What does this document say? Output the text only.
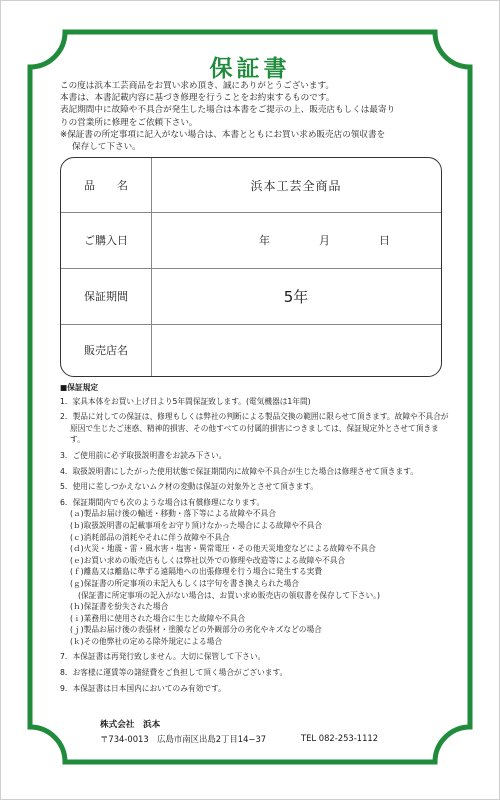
保証書

この度は浜本工芸商品をお買い求め頂き、誠にありがとうございます。

本書は、本書記載内容に基づき修理を行うことをお約束するものです。

表記期間中に故障や不具合が発生した場合は本書をご提示の上、販売店もしくは最寄り

りの営業所に修理をご依頼下さい。

※保証書の所定事項に記入がない場合は、本書とともにお買い求め販売店の領収書を

保存して下さい。

品　　名	浜本工芸全商品
ご購入日	年	月	日
保証期間	5年
販売店名

■保証規定

1．家具本体をお買い上げ日より5年間保証致します。(電気機器は1年間)

2．製品に対しての保証は、修理もしくは弊社の判断による製品交換の範囲に限らせて頂きます。故障や不具合が原因で生じたご迷惑、精神的損害、その他すべての付属的損害につきましては、保証規定外とさせて頂きます。

3．ご使用前に必ず取扱説明書をお読み下さい。

4．取扱説明書にしたがった使用状態で保証期間内に故障や不具合が生じた場合は修理させて頂きます。

5．使用に差しつかえないムク材の変動は保証の対象外とさせて頂きます。

6．保証期間内でも次のような場合は有償修理になります。

(ａ)製品お届け後の輸送・移動・落下等による故障や不具合

(ｂ)取扱説明書の記載事項をお守り頂けなかった場合による故障や不具合

(ｃ)消耗部品の消耗やそれに伴う故障や不具合

(ｄ)火災・地震・雷・風水害・塩害・異常電圧・その他天災地変などによる故障や不具合

(ｅ)お買い求めの販売店もしくは弊社以外での修理や改造等による故障や不具合

(ｆ)離島又は離島に準ずる遠隔地への出張修理を行う場合に発生する実費

(ｇ)保証書の所定事項の未記入もしくは字句を書き換えられた場合

(保証書に所定事項の記入がない場合は、お買い求め販売店の領収書を保存して下さい。)

(ｈ)保証書を紛失された場合

(ｉ)業務用に使用された場合に生じた故障や不具合

(ｊ)製品お届け後の表張材・塗膜などの外観部分の劣化やキズなどの場合

(ｋ)その他弊社の定める除外規定による場合

7．本保証書は再発行致しません。大切に保管して下さい。

8．お客様に運賃等の諸経費をご負担して頂く場合がございます。

9．本保証書は日本国内においてのみ有効です。

株式会社　浜本
〒734-0013　広島市南区出島2丁目14−37	TEL 082-253-1112
